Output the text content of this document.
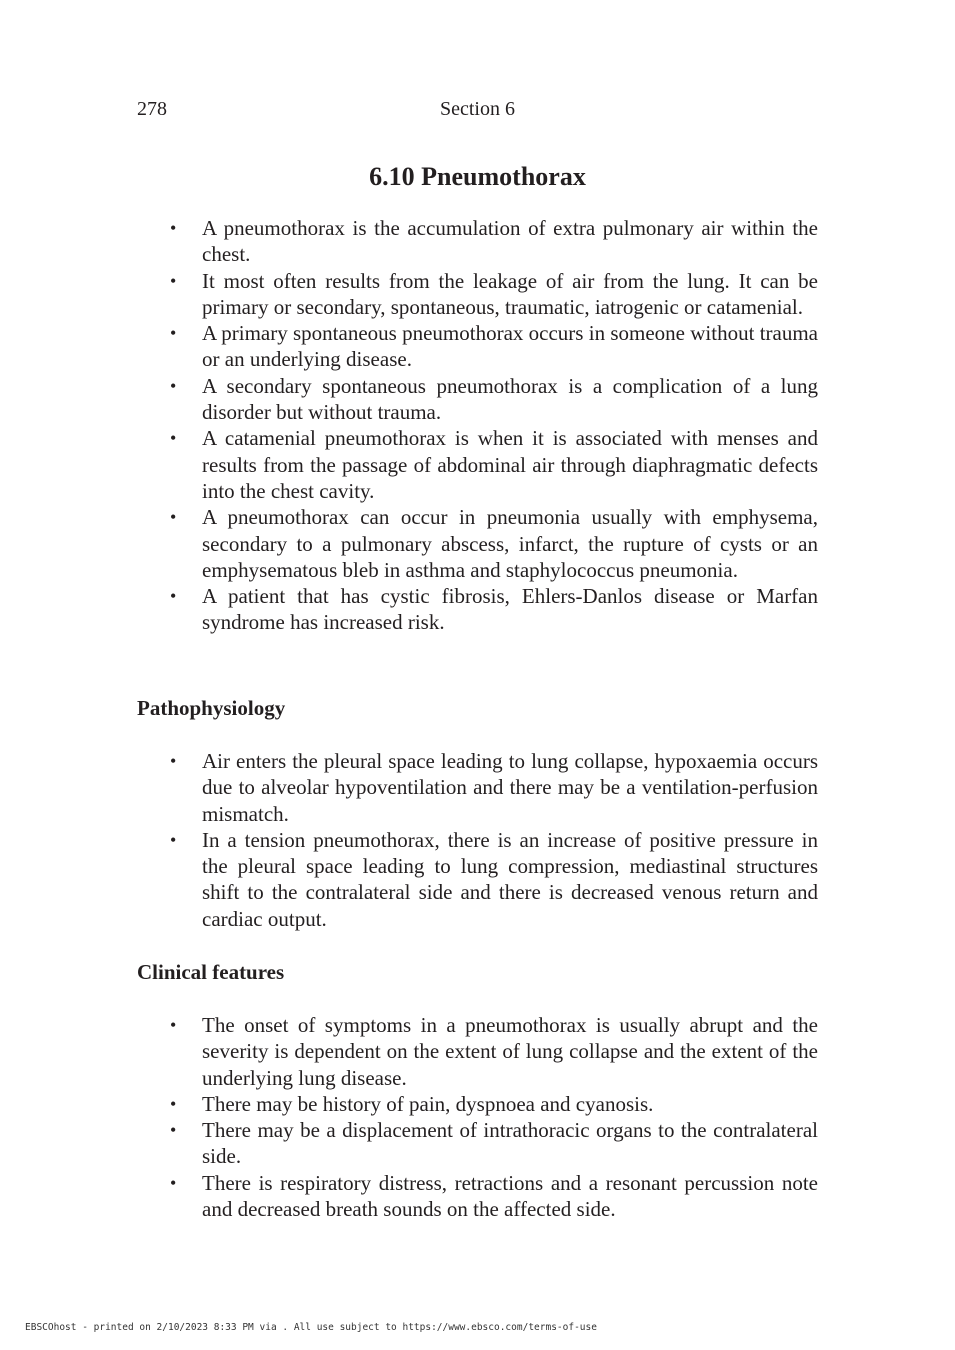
278	Section 6
6.10 Pneumothorax
• A pneumothorax is the accumulation of extra pulmonary air within the chest.
• It most often results from the leakage of air from the lung. It can be primary or secondary, spontaneous, traumatic, iatrogenic or catamenial.
• A primary spontaneous pneumothorax occurs in someone without trauma or an underlying disease.
• A secondary spontaneous pneumothorax is a complication of a lung disorder but without trauma.
• A catamenial pneumothorax is when it is associated with menses and results from the passage of abdominal air through diaphragmatic defects into the chest cavity.
• A pneumothorax can occur in pneumonia usually with emphysema, secondary to a pulmonary abscess, infarct, the rupture of cysts or an emphysematous bleb in asthma and staphylococcus pneumonia.
• A patient that has cystic fibrosis, Ehlers-Danlos disease or Marfan syndrome has increased risk.
Pathophysiology
• Air enters the pleural space leading to lung collapse, hypoxaemia occurs due to alveolar hypoventilation and there may be a ventilation-perfusion mismatch.
• In a tension pneumothorax, there is an increase of positive pressure in the pleural space leading to lung compression, mediastinal structures shift to the contralateral side and there is decreased venous return and cardiac output.
Clinical features
• The onset of symptoms in a pneumothorax is usually abrupt and the severity is dependent on the extent of lung collapse and the extent of the underlying lung disease.
• There may be history of pain, dyspnoea and cyanosis.
• There may be a displacement of intrathoracic organs to the contralateral side.
• There is respiratory distress, retractions and a resonant percussion note and decreased breath sounds on the affected side.
EBSCOhost - printed on 2/10/2023 8:33 PM via . All use subject to https://www.ebsco.com/terms-of-use
